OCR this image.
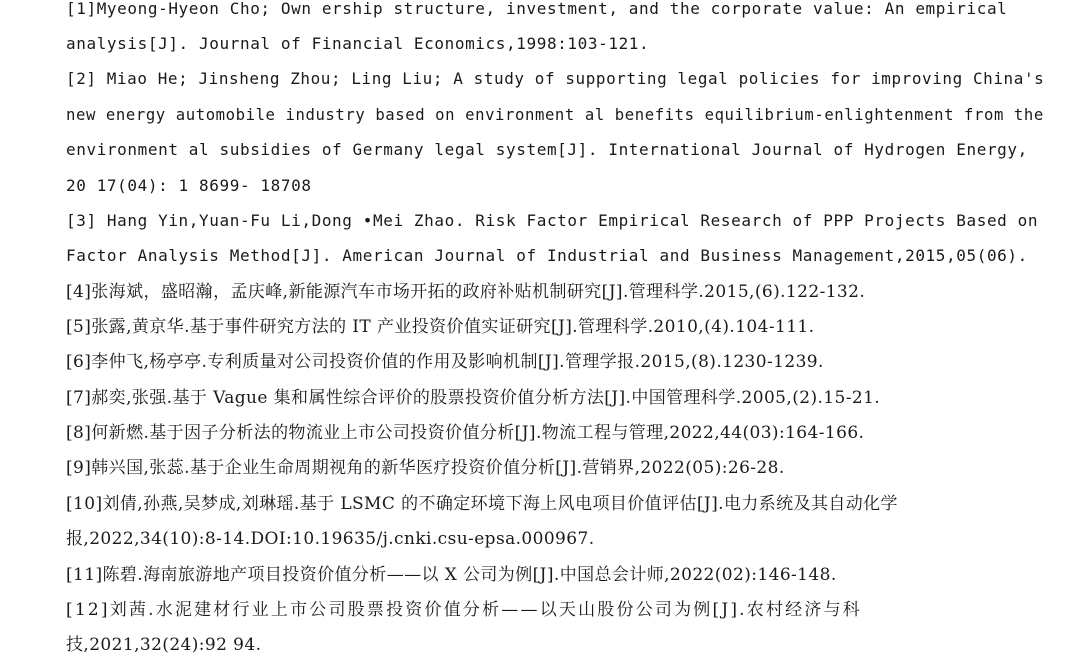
[1]Myeong-Hyeon Cho; Own ership structure, investment, and the corporate value: An empirical
analysis[J]. Journal of Financial Economics,1998:103-121.
[2] Miao He; Jinsheng Zhou; Ling Liu; A study of supporting legal policies for improving China's
new energy automobile industry based on environment al benefits equilibrium-enlightenment from the
environment al subsidies of Germany legal system[J]. International Journal of Hydrogen Energy,
20 17(04): 1 8699- 18708
[3] Hang Yin,Yuan-Fu Li,Dong •Mei Zhao. Risk Factor Empirical Research of PPP Projects Based on
Factor Analysis Method[J]. American Journal of Industrial and Business Management,2015,05(06).
[4]张海斌，盛昭瀚，孟庆峰,新能源汽车市场开拓的政府补贴机制研究[J].管理科学.2015,(6).122-132.
[5]张露,黄京华.基于事件研究方法的 IT 产业投资价值实证研究[J].管理科学.2010,(4).104-111.
[6]李仲飞,杨亭亭.专利质量对公司投资价值的作用及影响机制[J].管理学报.2015,(8).1230-1239.
[7]郝奕,张强.基于 Vague 集和属性综合评价的股票投资价值分析方法[J].中国管理科学.2005,(2).15-21.
[8]何新燃.基于因子分析法的物流业上市公司投资价值分析[J].物流工程与管理,2022,44(03):164-166.
[9]韩兴国,张蕊.基于企业生命周期视角的新华医疗投资价值分析[J].营销界,2022(05):26-28.
[10]刘倩,孙燕,吴梦成,刘琳瑶.基于 LSMC 的不确定环境下海上风电项目价值评估[J].电力系统及其自动化学
报,2022,34(10):8-14.DOI:10.19635/j.cnki.csu-epsa.000967.
[11]陈碧.海南旅游地产项目投资价值分析——以 X 公司为例[J].中国总会计师,2022(02):146-148.
[12]刘茜.水泥建材行业上市公司股票投资价值分析——以天山股份公司为例[J].农村经济与科
技,2021,32(24):92 94.
